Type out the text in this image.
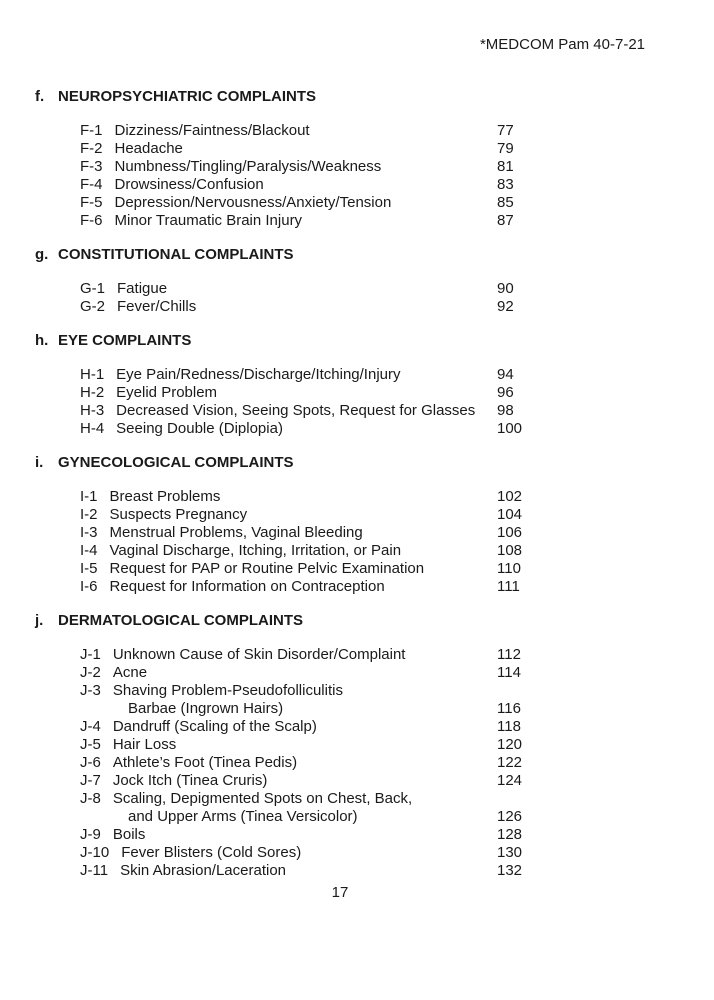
*MEDCOM Pam 40-7-21
f. NEUROPSYCHIATRIC COMPLAINTS
F-1 Dizziness/Faintness/Blackout	77
F-2 Headache	79
F-3 Numbness/Tingling/Paralysis/Weakness	81
F-4 Drowsiness/Confusion	83
F-5 Depression/Nervousness/Anxiety/Tension	85
F-6 Minor Traumatic Brain Injury	87
g. CONSTITUTIONAL COMPLAINTS
G-1 Fatigue	90
G-2 Fever/Chills	92
h. EYE COMPLAINTS
H-1 Eye Pain/Redness/Discharge/Itching/Injury	94
H-2 Eyelid Problem	96
H-3 Decreased Vision, Seeing Spots, Request for Glasses	98
H-4 Seeing Double (Diplopia)	100
i. GYNECOLOGICAL COMPLAINTS
I-1 Breast Problems	102
I-2 Suspects Pregnancy	104
I-3 Menstrual Problems, Vaginal Bleeding	106
I-4 Vaginal Discharge, Itching, Irritation, or Pain	108
I-5 Request for PAP or Routine Pelvic Examination	110
I-6 Request for Information on Contraception	111
j. DERMATOLOGICAL COMPLAINTS
J-1 Unknown Cause of Skin Disorder/Complaint	112
J-2 Acne	114
J-3 Shaving Problem-Pseudofolliculitis
Barbae (Ingrown Hairs)	116
J-4 Dandruff (Scaling of the Scalp)	118
J-5 Hair Loss	120
J-6 Athlete’s Foot (Tinea Pedis)	122
J-7 Jock Itch (Tinea Cruris)	124
J-8 Scaling, Depigmented Spots on Chest, Back,
and Upper Arms (Tinea Versicolor)	126
J-9 Boils	128
J-10 Fever Blisters (Cold Sores)	130
J-11 Skin Abrasion/Laceration	132
17
